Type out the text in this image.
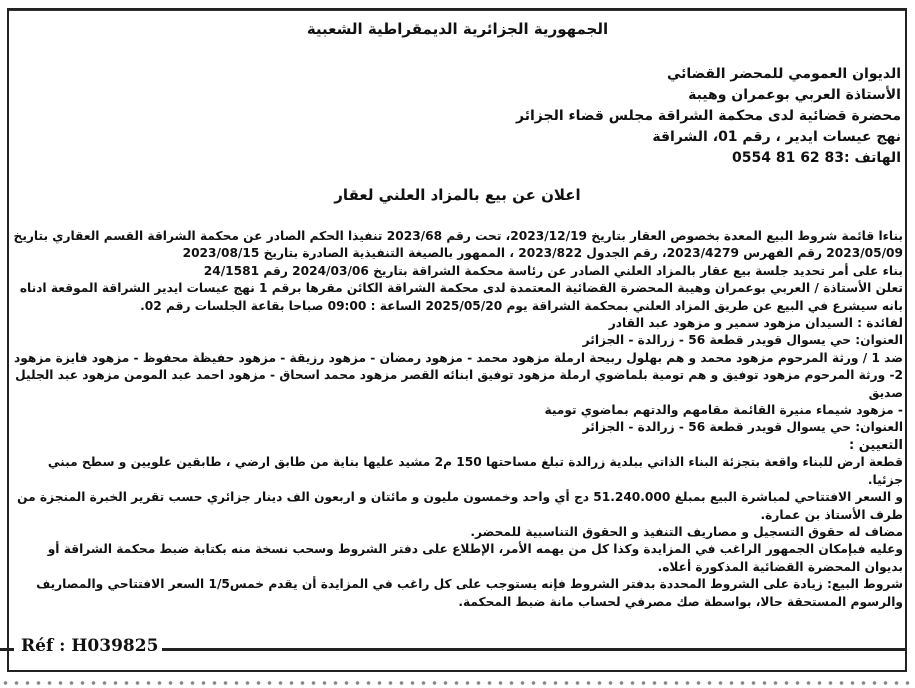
الجمهورية الجزائرية الديمقراطية الشعبية
الديوان العمومي للمحضر القضائي
الأستاذة العربي بوعمران وهيبة
محضرة قضائية لدى محكمة الشراقة مجلس قضاء الجزائر
نهج عيسات ايدير ، رقم 01، الشراقة
الهاتف :83 62 81 0554
اعلان عن بيع بالمزاد العلني لعقار

بناءا قائمة شروط البيع المعدة بخصوص العقار بتاريخ 2023/12/19، تحت رقم 2023/68 تنفيذا الحكم الصادر عن محكمة الشراقة القسم العقاري بتاريخ 2023/05/09 رقم الفهرس 2023/4279، رقم الجدول 2023/822 ، الممهور بالصيغة التنفيذية الصادرة بتاريخ 2023/08/15

بناء على أمر تحديد جلسة بيع عقار بالمزاد العلني الصادر عن رئاسة محكمة الشراقة بتاريخ 2024/03/06 رقم 24/1581

تعلن الأستاذة / العربي بوعمران وهيبة المحضرة القضائية المعتمدة لدى محكمة الشراقة الكائن مقرها برقم 1 نهج عيسات ايدير الشراقة الموقعة ادناه

بانه سيشرع في البيع عن طريق المزاد العلني بمحكمة الشراقة يوم 2025/05/20 الساعة : 09:00 صباحا بقاعة الجلسات رقم 02.

لفائدة : السيدان مزهود سمير و مزهود عبد القادر

العنوان: حي يسوال قويدر قطعة 56 - زرالدة - الجزائر

ضد 1 / ورثة المرحوم مزهود محمد و هم بهلول ربيحة ارملة مزهود محمد - مزهود رمضان - مزهود رزيقة - مزهود حفيظة محفوظ - مزهود فايزة مزهود

2- ورثة المرحوم مزهود توفيق و هم تومية بلماضوي ارملة مزهود توفيق ابنائه القصر مزهود محمد اسحاق - مزهود احمد عبد المومن مزهود عبد الجليل صديق

- مزهود شيماء منيرة القائمة مقامهم والدتهم بماضوي تومية

العنوان: حي يسوال قويدر قطعة 56 - زرالدة - الجزائر

التعيين :

قطعة ارض للبناء واقعة بتجزئة البناء الذاتي ببلدية زرالدة تبلغ مساحتها 150 م2 مشيد عليها بناية من طابق ارضي ، طابقين علويين و سطح مبني جزئيا.

و السعر الافتتاحي لمباشرة البيع بمبلغ 51.240.000 دج أي واحد وخمسون مليون و مائتان و اربعون الف دينار جزائري حسب تقرير الخبرة المنجزة من طرف الأستاذ بن عمارة.

مضاف له حقوق التسجيل و مصاريف التنفيذ و الحقوق التناسبية للمحضر.

وعليه فبإمكان الجمهور الراغب في المزايدة وكذا كل من يهمه الأمر، الإطلاع على دفتر الشروط وسحب نسخة منه بكتابة ضبط محكمة الشراقة أو بديوان المحضرة القضائية المذكورة أعلاه.

شروط البيع: زيادة على الشروط المحددة بدفتر الشروط فإنه يستوجب على كل راغب في المزايدة أن يقدم خمس1/5 السعر الافتتاحي والمصاريف والرسوم المستحقة حالا، بواسطة صك مصرفي لحساب مانة ضبط المحكمة.

Réf : H039825
